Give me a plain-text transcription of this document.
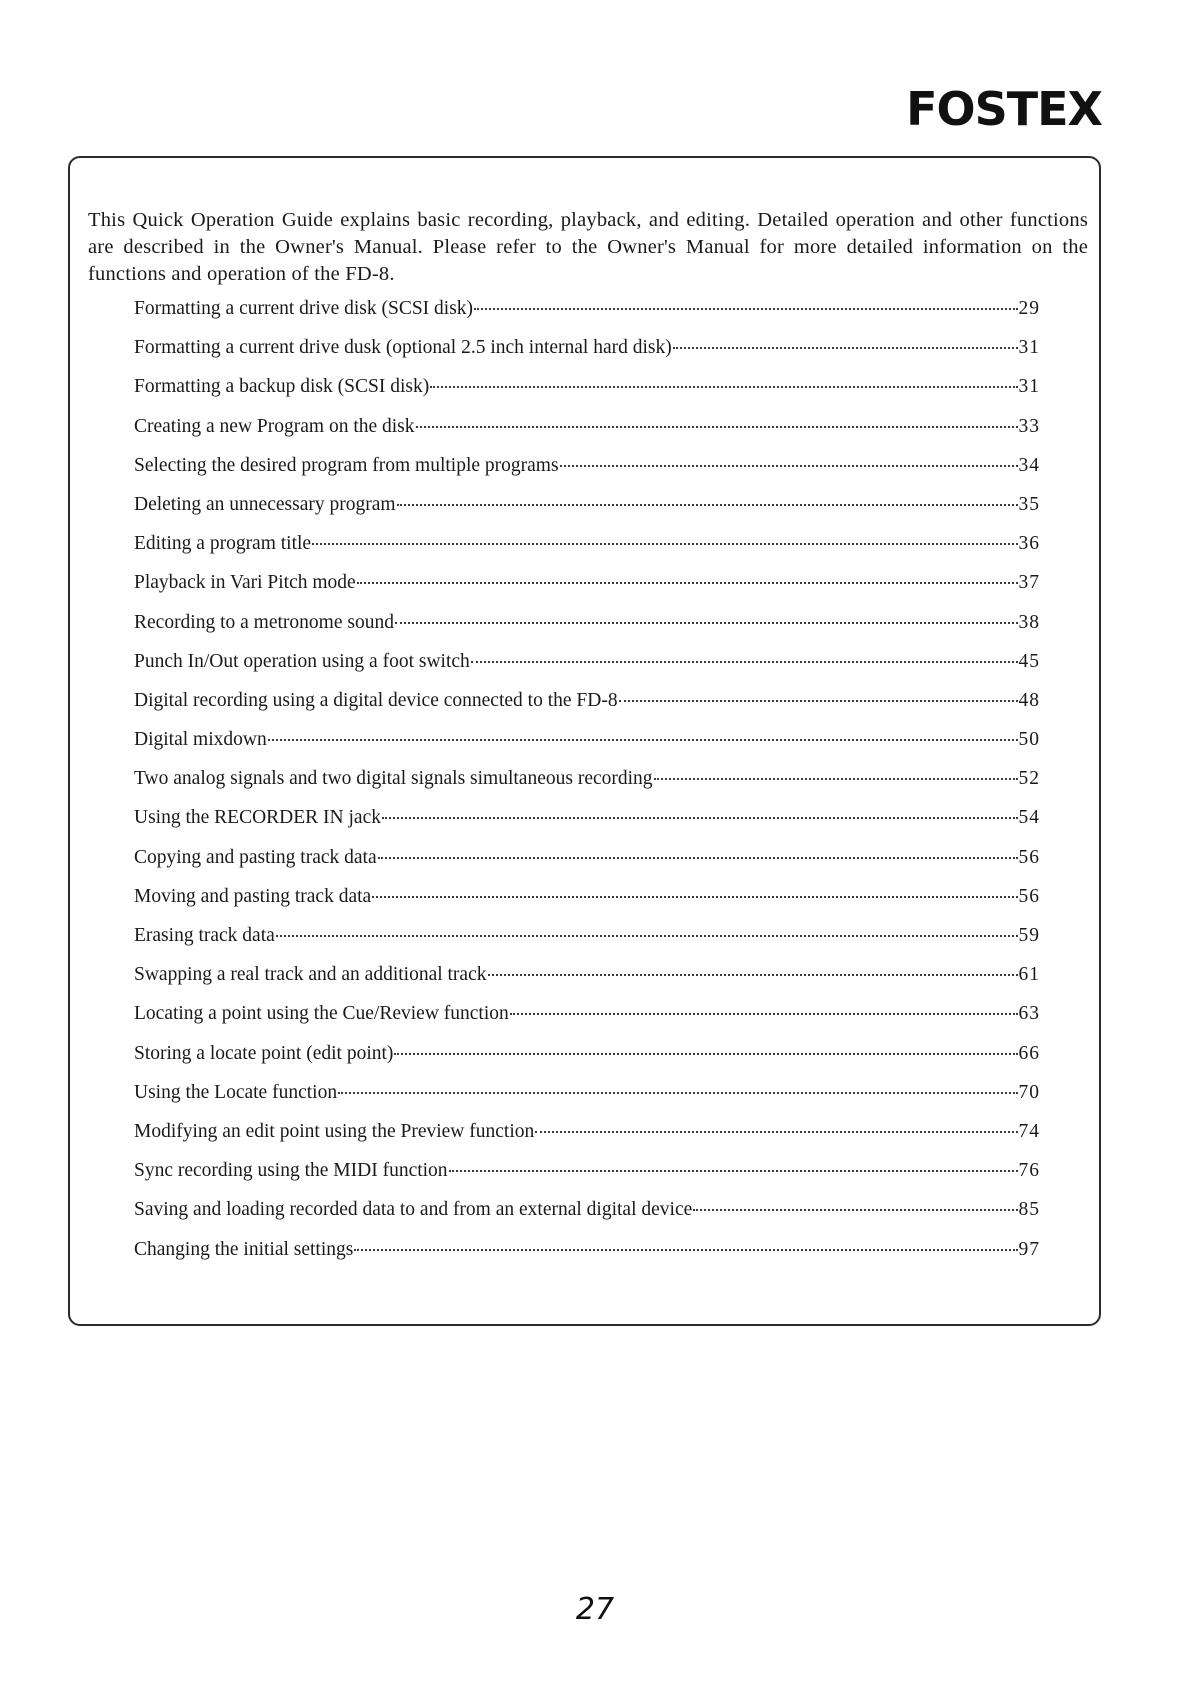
FOSTEX

This Quick Operation Guide explains basic recording, playback, and editing. Detailed operation and other functions are described in the Owner's Manual. Please refer to the Owner's Manual for more detailed information on the functions and operation of the FD-8.

Formatting a current drive disk (SCSI disk)	29
Formatting a current drive dusk (optional 2.5 inch internal hard disk)	31
Formatting a backup disk (SCSI disk)	31
Creating a new Program on the disk	33
Selecting the desired program from multiple programs	34
Deleting an unnecessary program	35
Editing a program title	36
Playback in Vari Pitch mode	37
Recording to a metronome sound	38
Punch In/Out operation using a foot switch	45
Digital recording using a digital device connected to the FD-8	48
Digital mixdown	50
Two analog signals and two digital signals simultaneous recording	52
Using the RECORDER IN jack	54
Copying and pasting track data	56
Moving and pasting track data	56
Erasing track data	59
Swapping a real track and an additional track	61
Locating a point using the Cue/Review function	63
Storing a locate point (edit point)	66
Using the Locate function	70
Modifying an edit point using the Preview function	74
Sync recording using the MIDI function	76
Saving and loading recorded data to and from an external digital device	85
Changing the initial settings	97
27
